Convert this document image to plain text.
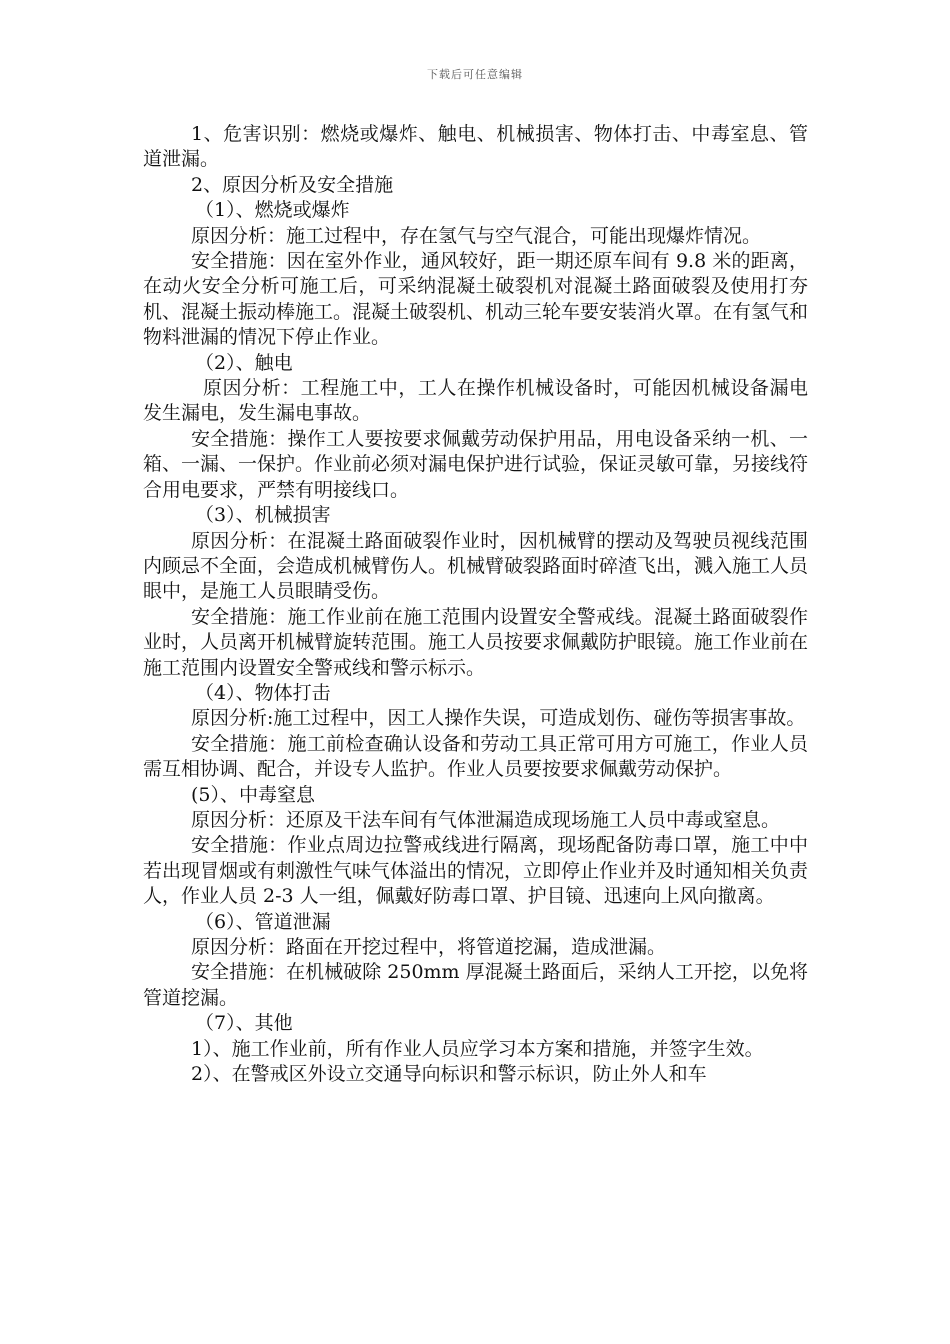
下载后可任意编辑

1、危害识别：燃烧或爆炸、触电、机械损害、物体打击、中毒室息、管道泄漏。

2、原因分析及安全措施

（1）、燃烧或爆炸

原因分析：施工过程中，存在氢气与空气混合，可能出现爆炸情况。

安全措施：因在室外作业，通风较好，距一期还原车间有 9.8 米的距离，在动火安全分析可施工后，可采纳混凝土破裂机对混凝土路面破裂及使用打夯机、混凝土振动棒施工。混凝土破裂机、机动三轮车要安装消火罩。在有氢气和物料泄漏的情况下停止作业。

（2）、触电

原因分析：工程施工中，工人在操作机械设备时，可能因机械设备漏电发生漏电，发生漏电事故。

安全措施：操作工人要按要求佩戴劳动保护用品，用电设备采纳一机、一箱、一漏、一保护。作业前必须对漏电保护进行试验，保证灵敏可靠，另接线符合用电要求，严禁有明接线口。

（3）、机械损害

原因分析：在混凝土路面破裂作业时，因机械臂的摆动及驾驶员视线范围内顾忌不全面，会造成机械臂伤人。机械臂破裂路面时碎渣飞出，溅入施工人员眼中，是施工人员眼睛受伤。

安全措施：施工作业前在施工范围内设置安全警戒线。混凝土路面破裂作业时，人员离开机械臂旋转范围。施工人员按要求佩戴防护眼镜。施工作业前在施工范围内设置安全警戒线和警示标示。

（4）、物体打击

原因分析:施工过程中，因工人操作失误，可造成划伤、碰伤等损害事故。

安全措施：施工前检查确认设备和劳动工具正常可用方可施工，作业人员需互相协调、配合，并设专人监护。作业人员要按要求佩戴劳动保护。

(5）、中毒窒息

原因分析：还原及干法车间有气体泄漏造成现场施工人员中毒或窒息。

安全措施：作业点周边拉警戒线进行隔离，现场配备防毒口罩，施工中中若出现冒烟或有刺激性气味气体溢出的情况，立即停止作业并及时通知相关负责人，作业人员 2-3 人一组，佩戴好防毒口罩、护目镜、迅速向上风向撤离。

（6）、管道泄漏

原因分析：路面在开挖过程中，将管道挖漏，造成泄漏。

安全措施：在机械破除 250mm 厚混凝土路面后，采纳人工开挖，以免将管道挖漏。

（7）、其他

1）、施工作业前，所有作业人员应学习本方案和措施，并签字生效。

2）、在警戒区外设立交通导向标识和警示标识，防止外人和车
